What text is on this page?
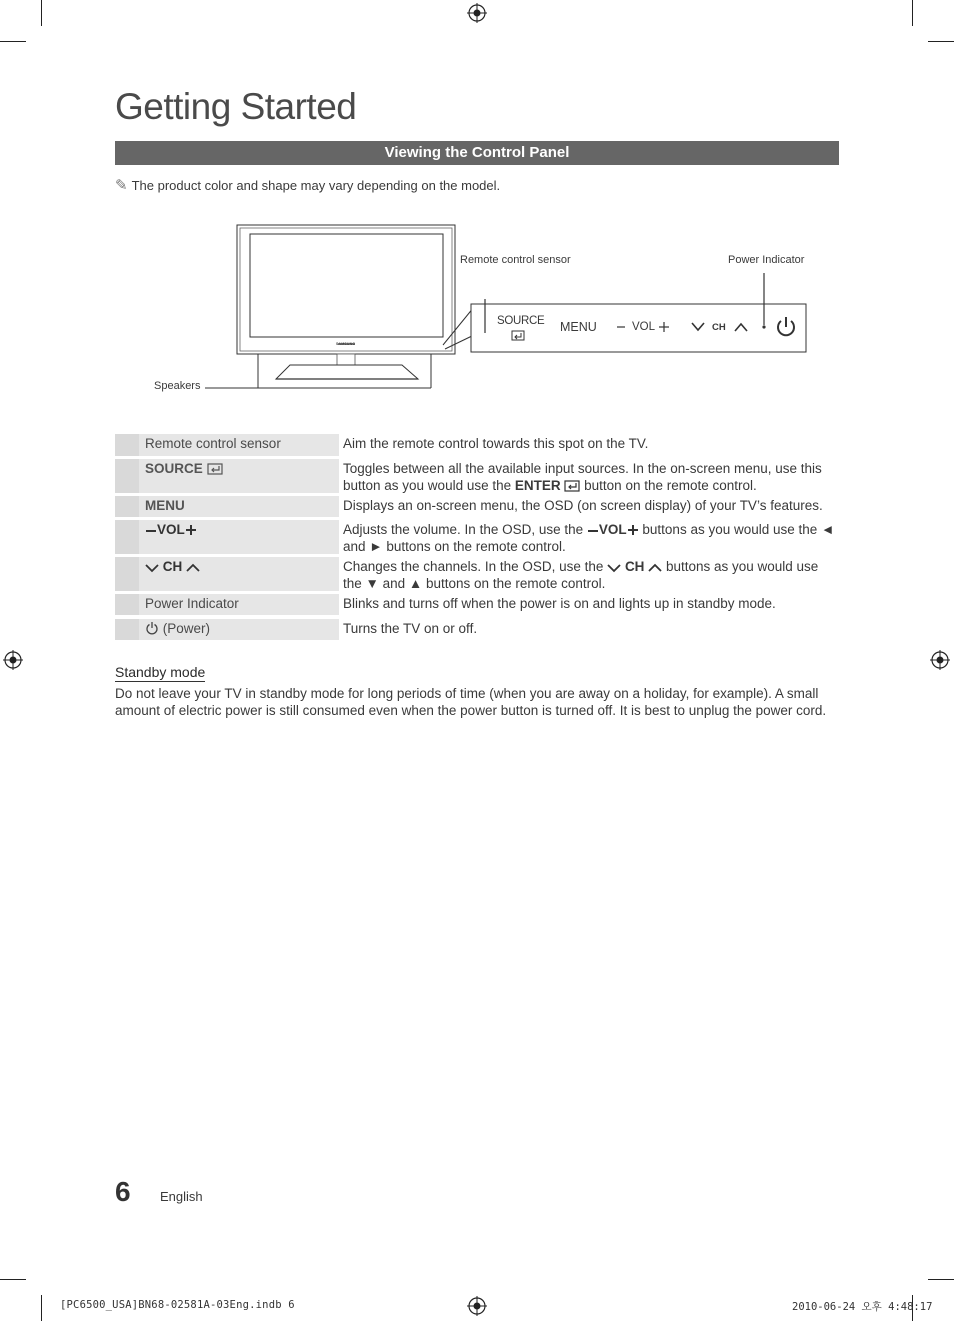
Getting Started
Viewing the Control Panel
✎ The product color and shape may vary depending on the model.
Remote control sensor	Power Indicator
Speakers
SOURCE MENU	VOL	CH
SAMSUNG
Remote control sensor	Aim the remote control towards this spot on the TV.
SOURCE	Toggles between all the available input sources. In the on-screen menu, use this button as you would use the ENTER  button on the remote control.
MENU	Displays an on-screen menu, the OSD (on screen display) of your TV’s features.
VOL	Adjusts the volume. In the OSD, use the VOL buttons as you would use the ◄ and ► buttons on the remote control.
CH	Changes the channels. In the OSD, use the  CH  buttons as you would use the ▼ and ▲ buttons on the remote control.
Power Indicator	Blinks and turns off when the power is on and lights up in standby mode.
(Power)	Turns the TV on or off.
Standby mode
Do not leave your TV in standby mode for long periods of time (when you are away on a holiday, for example). A small amount of electric power is still consumed even when the power button is turned off. It is best to unplug the power cord.
6 English
[PC6500_USA]BN68-02581A-03Eng.indb 6	2010-06-24 오후 4:48:17
